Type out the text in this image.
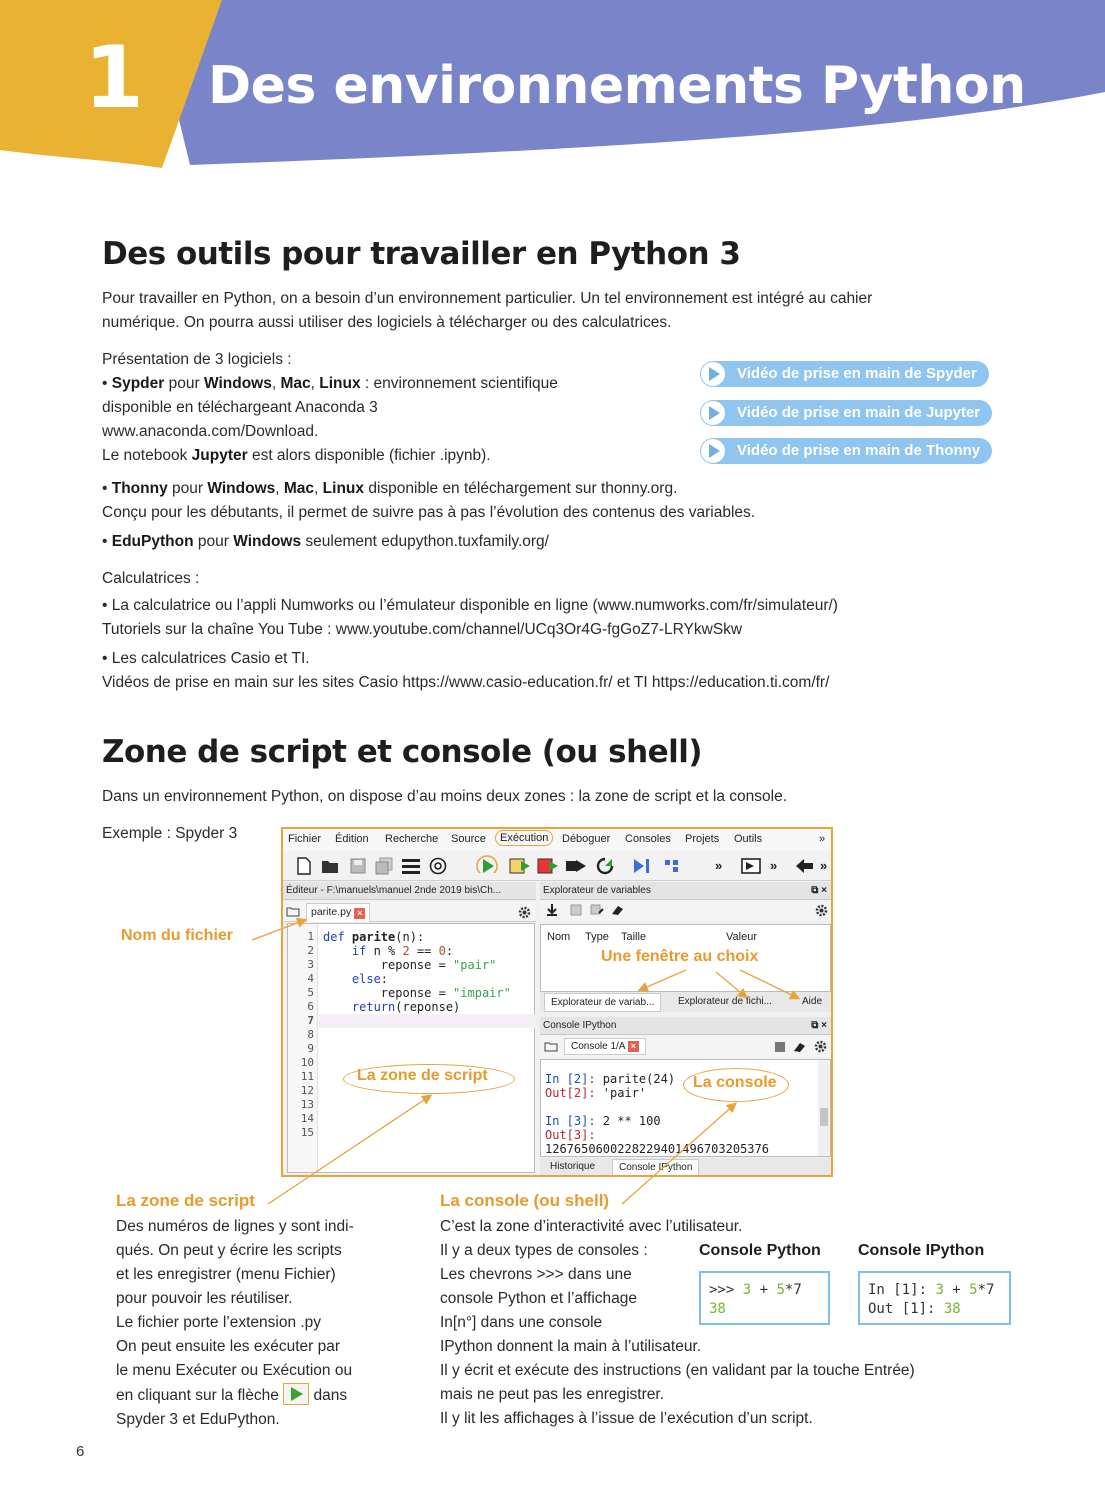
1 Des environnements Python
Des outils pour travailler en Python 3
Pour travailler en Python, on a besoin d’un environnement particulier. Un tel environnement est intégré au cahier
numérique. On pourra aussi utiliser des logiciels à télécharger ou des calculatrices.
Présentation de 3 logiciels :
• Sypder pour Windows, Mac, Linux : environnement scientifique
disponible en téléchargeant Anaconda 3
www.anaconda.com/Download.
Le notebook Jupyter est alors disponible (fichier .ipynb).
• Thonny pour Windows, Mac, Linux disponible en téléchargement sur thonny.org.
Conçu pour les débutants, il permet de suivre pas à pas l’évolution des contenus des variables.
• EduPython pour Windows seulement edupython.tuxfamily.org/
Vidéo de prise en main de Spyder
Vidéo de prise en main de Jupyter
Vidéo de prise en main de Thonny
Calculatrices :
• La calculatrice ou l’appli Numworks ou l’émulateur disponible en ligne (www.numworks.com/fr/simulateur/)
Tutoriels sur la chaîne You Tube : www.youtube.com/channel/UCq3Or4G-fgGoZ7-LRYkwSkw
• Les calculatrices Casio et TI.
Vidéos de prise en main sur les sites Casio https://www.casio-education.fr/ et TI https://education.ti.com/fr/
Zone de script et console (ou shell)
Dans un environnement Python, on dispose d’au moins deux zones : la zone de script et la console.
Exemple : Spyder 3	Fichier Édition Recherche Source	Exécution	Déboguer Consoles Projets Outils	»
»	»	»
Éditeur - F:\manuels\manuel 2nde 2019 bis\Ch...
parite.py ×
1
2
3
4
5
6
7
8
9
10
11
12
13
14
15
def parite(n):
if n % 2 == 0:
reponse = "pair"
else:
reponse = "impair"
return(reponse)
Explorateur de variables	⧉ ×
Nom Type Taille	Valeur
Explorateur de variab...	Explorateur de fichi...	Aide
Console IPython	⧉ ×
Console 1/A ×
In [2]: parite(24)
Out[2]: 'pair'

In [3]: 2 ** 100
Out[3]:
1267650600228229401496703205376
Historique	Console IPython
Nom du fichier
Une fenêtre au choix
La zone de script	La console
La zone de script
Des numéros de lignes y sont indi-
qués. On peut y écrire les scripts
et les enregistrer (menu Fichier)
pour pouvoir les réutiliser.
Le fichier porte l’extension .py
On peut ensuite les exécuter par
le menu Exécuter ou Exécution ou
en cliquant sur la flèche dans
Spyder 3 et EduPython.
La console (ou shell)
C’est la zone d’interactivité avec l’utilisateur.
Il y a deux types de consoles :
Les chevrons >>> dans une
console Python et l’affichage
In[n°] dans une console
IPython donnent la main à l’utilisateur.
Il y écrit et exécute des instructions (en validant par la touche Entrée)
mais ne peut pas les enregistrer.
Il y lit les affichages à l’issue de l’exécution d’un script.
Console Python
>>> 3 + 5*7
38
Console IPython
In [1]: 3 + 5*7
Out [1]: 38
6
